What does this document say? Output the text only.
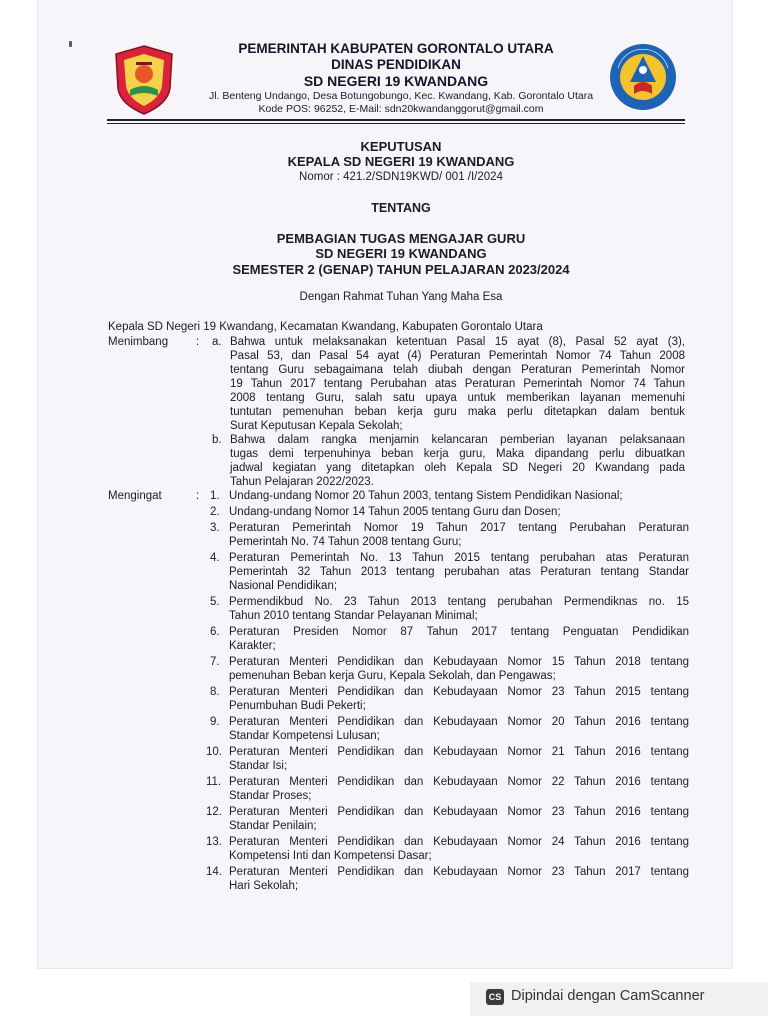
PEMERINTAH KABUPATEN GORONTALO UTARA
DINAS PENDIDIKAN
SD NEGERI 19 KWANDANG
Jl. Benteng Undango, Desa Botungobungo, Kec. Kwandang, Kab. Gorontalo Utara
Kode POS: 96252, E-Mail: sdn20kwandanggorut@gmail.com
KEPUTUSAN
KEPALA SD NEGERI 19 KWANDANG
Nomor : 421.2/SDN19KWD/ 001 /I/2024
TENTANG
PEMBAGIAN TUGAS MENGAJAR GURU
SD NEGERI 19 KWANDANG
SEMESTER 2 (GENAP) TAHUN PELAJARAN 2023/2024
Dengan Rahmat Tuhan Yang Maha Esa
Kepala SD Negeri 19 Kwandang, Kecamatan Kwandang, Kabupaten Gorontalo Utara
Menimbang : a. Bahwa untuk melaksanakan ketentuan Pasal 15 ayat (8), Pasal 52 ayat (3),
Pasal 53, dan Pasal 54 ayat (4) Peraturan Pemerintah Nomor 74 Tahun 2008
tentang Guru sebagaimana telah diubah dengan Peraturan Pemerintah Nomor
19 Tahun 2017 tentang Perubahan atas Peraturan Pemerintah Nomor 74 Tahun
2008 tentang Guru, salah satu upaya untuk memberikan layanan memenuhi
tuntutan pemenuhan beban kerja guru maka perlu ditetapkan dalam bentuk
Surat Keputusan Kepala Sekolah;
b. Bahwa dalam rangka menjamin kelancaran pemberian layanan pelaksanaan
tugas demi terpenuhinya beban kerja guru, Maka dipandang perlu dibuatkan
jadwal kegiatan yang ditetapkan oleh Kepala SD Negeri 20 Kwandang pada
Tahun Pelajaran 2022/2023.
Mengingat	: 1. Undang-undang Nomor 20 Tahun 2003, tentang Sistem Pendidikan Nasional;
2. Undang-undang Nomor 14 Tahun 2005 tentang Guru dan Dosen;
3. Peraturan Pemerintah Nomor 19 Tahun 2017 tentang Perubahan Peraturan
Pemerintah No. 74 Tahun 2008 tentang Guru;
4. Peraturan Pemerintah No. 13 Tahun 2015 tentang perubahan atas Peraturan
Pemerintah 32 Tahun 2013 tentang perubahan atas Peraturan tentang Standar
Nasional Pendidikan;
5. Permendikbud No. 23 Tahun 2013 tentang perubahan Permendiknas no. 15
Tahun 2010 tentang Standar Pelayanan Minimal;
6. Peraturan Presiden Nomor 87 Tahun 2017 tentang Penguatan Pendidikan
Karakter;
7. Peraturan Menteri Pendidikan dan Kebudayaan Nomor 15 Tahun 2018 tentang
pemenuhan Beban kerja Guru, Kepala Sekolah, dan Pengawas;
8. Peraturan Menteri Pendidikan dan Kebudayaan Nomor 23 Tahun 2015 tentang
Penumbuhan Budi Pekerti;
9. Peraturan Menteri Pendidikan dan Kebudayaan Nomor 20 Tahun 2016 tentang
Standar Kompetensi Lulusan;
10. Peraturan Menteri Pendidikan dan Kebudayaan Nomor 21 Tahun 2016 tentang
Standar Isi;
11. Peraturan Menteri Pendidikan dan Kebudayaan Nomor 22 Tahun 2016 tentang
Standar Proses;
12. Peraturan Menteri Pendidikan dan Kebudayaan Nomor 23 Tahun 2016 tentang
Standar Penilain;
13. Peraturan Menteri Pendidikan dan Kebudayaan Nomor 24 Tahun 2016 tentang
Kompetensi Inti dan Kompetensi Dasar;
14. Peraturan Menteri Pendidikan dan Kebudayaan Nomor 23 Tahun 2017 tentang
Hari Sekolah;
CS Dipindai dengan CamScanner
